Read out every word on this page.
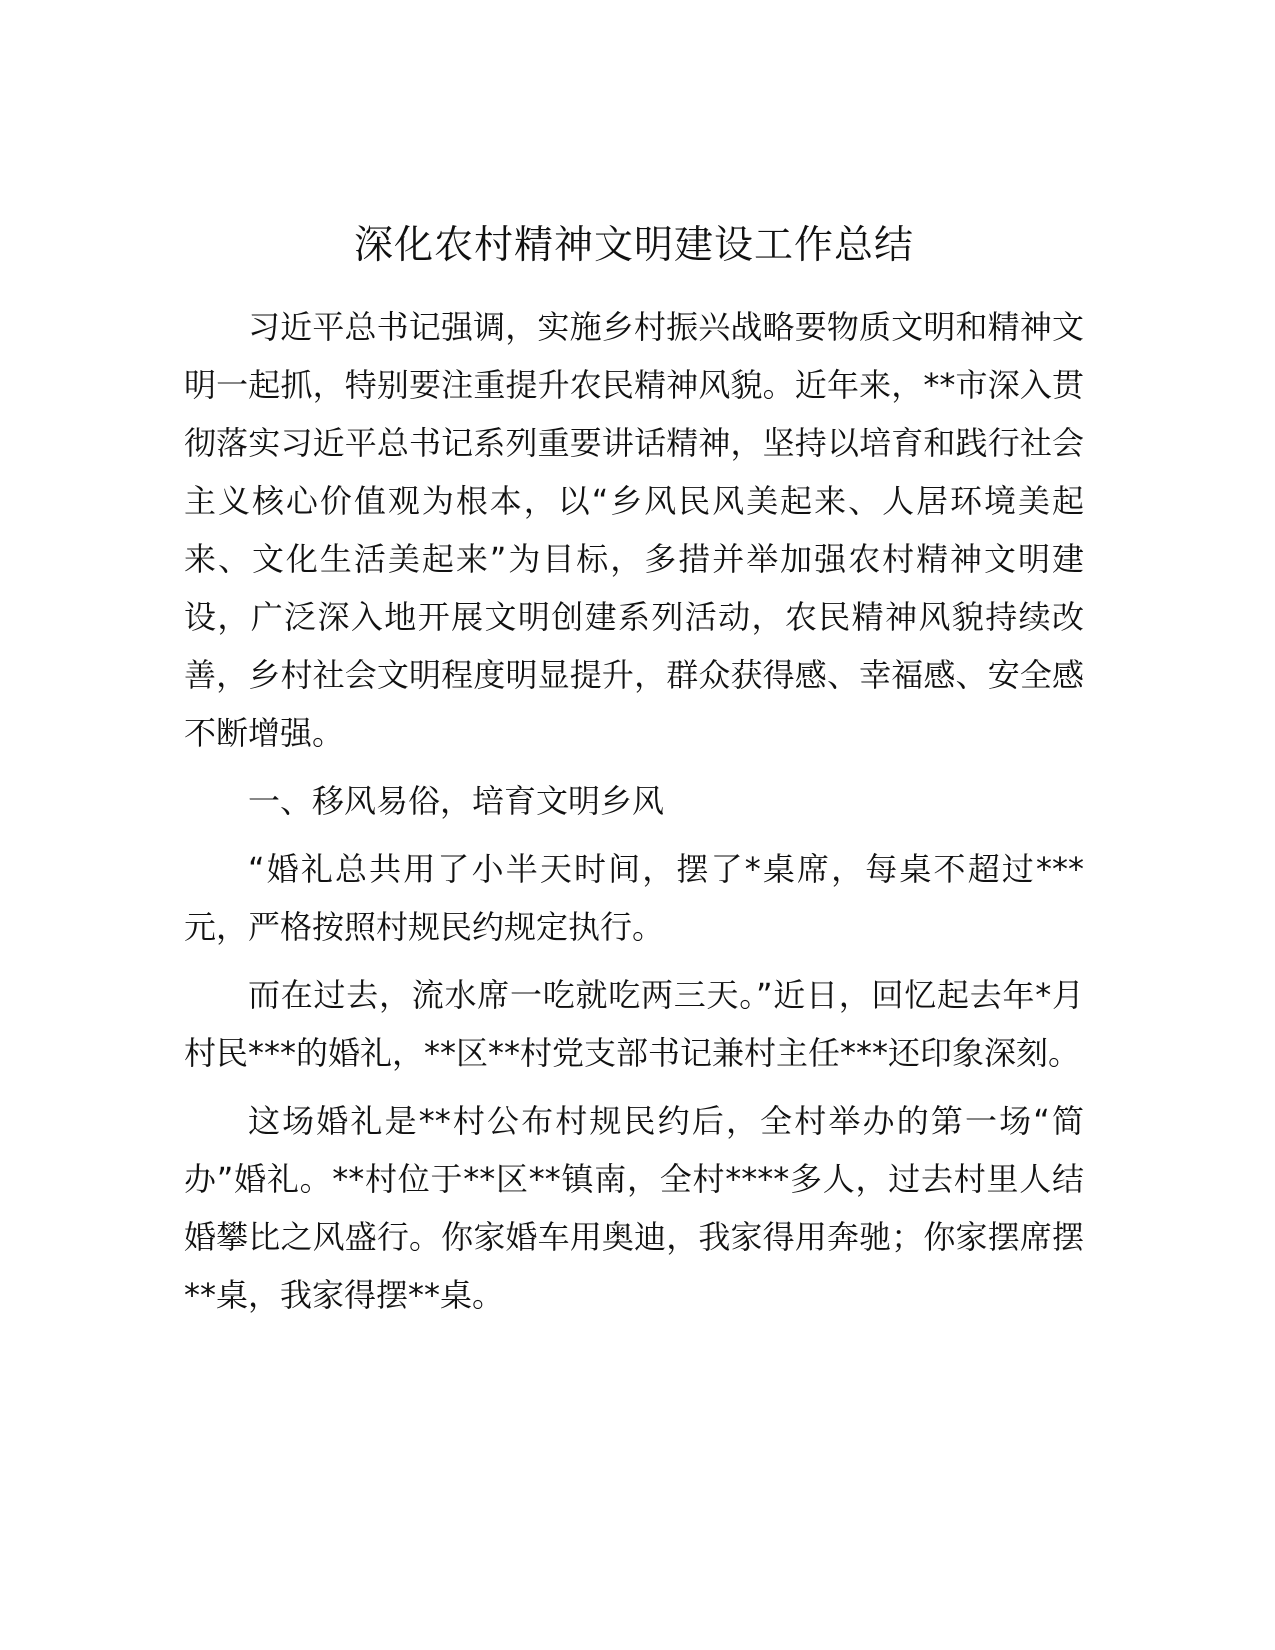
深化农村精神文明建设工作总结

习近平总书记强调，实施乡村振兴战略要物质文明和精神文明一起抓，特别要注重提升农民精神风貌。近年来，**市深入贯彻落实习近平总书记系列重要讲话精神，坚持以培育和践行社会主义核心价值观为根本，以“乡风民风美起来、人居环境美起来、文化生活美起来”为目标，多措并举加强农村精神文明建设，广泛深入地开展文明创建系列活动，农民精神风貌持续改善，乡村社会文明程度明显提升，群众获得感、幸福感、安全感不断增强。

一、移风易俗，培育文明乡风

“婚礼总共用了小半天时间，摆了*桌席，每桌不超过***元，严格按照村规民约规定执行。

而在过去，流水席一吃就吃两三天。”近日，回忆起去年*月村民***的婚礼，**区**村党支部书记兼村主任***还印象深刻。

这场婚礼是**村公布村规民约后，全村举办的第一场“简办”婚礼。**村位于**区**镇南，全村****多人，过去村里人结婚攀比之风盛行。你家婚车用奥迪，我家得用奔驰；你家摆席摆**桌，我家得摆**桌。
